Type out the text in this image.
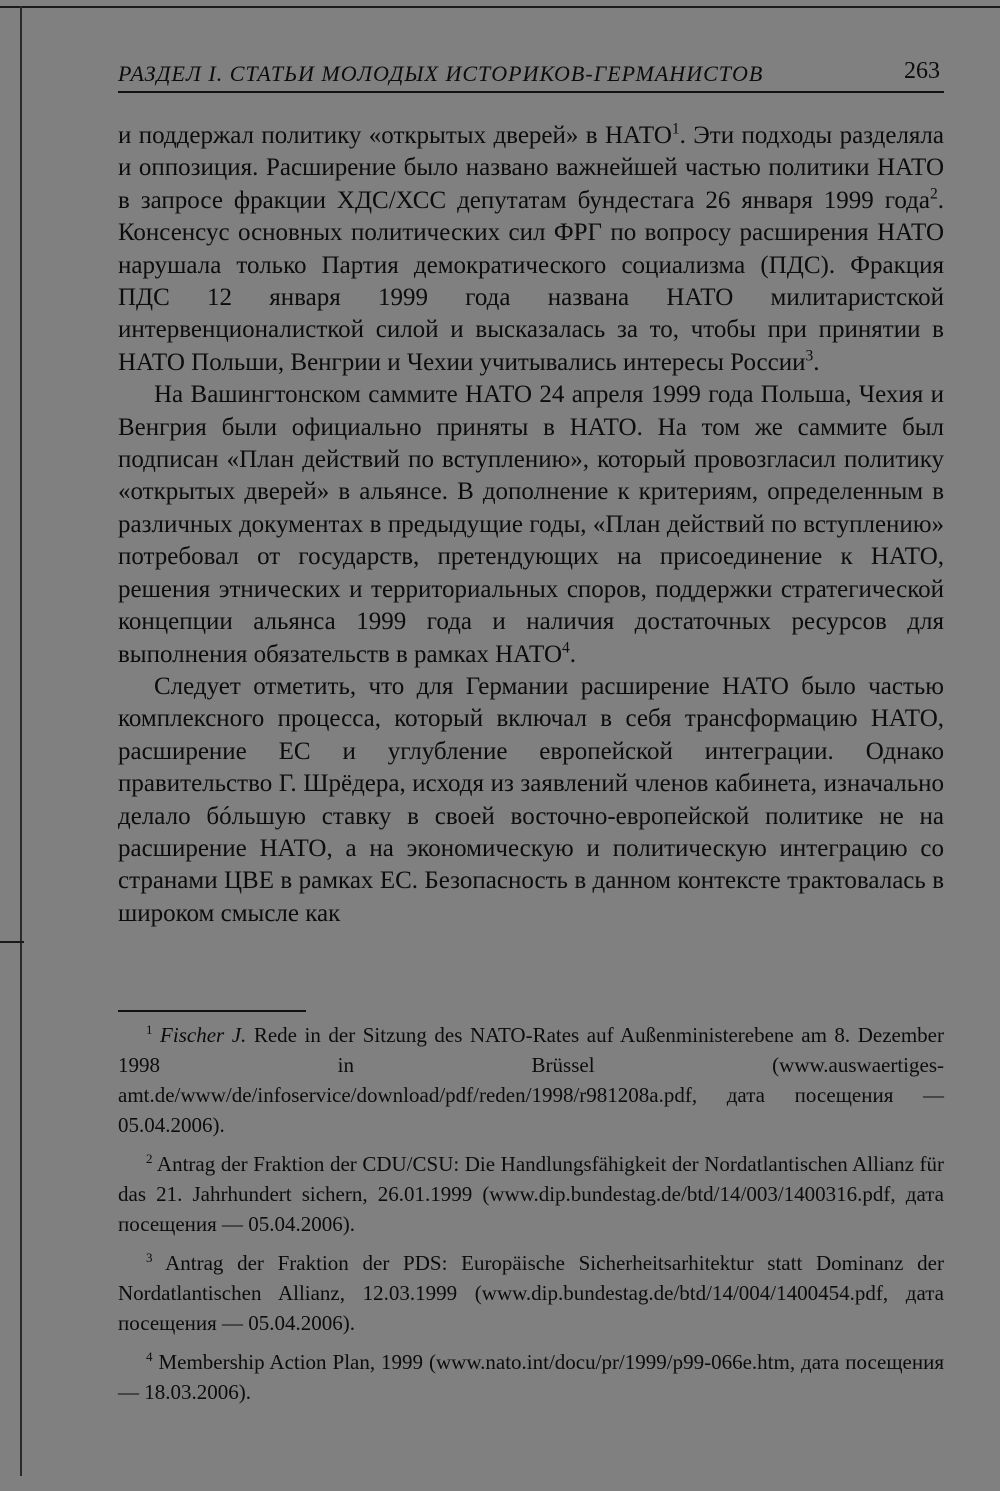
РАЗДЕЛ I. СТАТЬИ МОЛОДЫХ ИСТОРИКОВ-ГЕРМАНИСТОВ	263

и поддержал политику «открытых дверей» в НАТО$^1$. Эти подходы разделяла и оппозиция. Расширение было названо важнейшей частью политики НАТО в запросе фракции ХДС/ХСС депутатам бундестага 26 января 1999 года$^2$. Консенсус основных политических сил ФРГ по вопросу расширения НАТО нарушала только Партия демократического социализма (ПДС). Фракция ПДС 12 января 1999 года названа НАТО милитаристской интервенционалисткой силой и высказалась за то, чтобы при принятии в НАТО Польши, Венгрии и Чехии учитывались интересы России$^3$.

На Вашингтонском саммите НАТО 24 апреля 1999 года Польша, Чехия и Венгрия были официально приняты в НАТО. На том же саммите был подписан «План действий по вступлению», который провозгласил политику «открытых дверей» в альянсе. В дополнение к критериям, определенным в различных документах в предыдущие годы, «План действий по вступлению» потребовал от государств, претендующих на присоединение к НАТО, решения этнических и территориальных споров, поддержки стратегической концепции альянса 1999 года и наличия достаточных ресурсов для выполнения обязательств в рамках НАТО$^4$.

Следует отметить, что для Германии расширение НАТО было частью комплексного процесса, который включал в себя трансформацию НАТО, расширение ЕС и углубление европейской интеграции. Однако правительство Г. Шрёдера, исходя из заявлений членов кабинета, изначально делало бóльшую ставку в своей восточно-европейской политике не на расширение НАТО, а на экономическую и политическую интеграцию со странами ЦВЕ в рамках ЕС. Безопасность в данном контексте трактовалась в широком смысле как

$^1$ Fischer J. Rede in der Sitzung des NATO-Rates auf Außenministerebene am 8. Dezember 1998 in Brüssel (www.auswaertiges-amt.de/www/de/infoservice/download/pdf/reden/1998/r981208a.pdf, дата посещения — 05.04.2006).

$^2$ Antrag der Fraktion der CDU/CSU: Die Handlungsfähigkeit der Nordatlantischen Allianz für das 21. Jahrhundert sichern, 26.01.1999 (www.dip.bundestag.de/btd/14/003/1400316.pdf, дата посещения — 05.04.2006).

$^3$ Antrag der Fraktion der PDS: Europäische Sicherheitsarhitektur statt Dominanz der Nordatlantischen Allianz, 12.03.1999 (www.dip.bundestag.de/btd/14/004/1400454.pdf, дата посещения — 05.04.2006).

$^4$ Membership Action Plan, 1999 (www.nato.int/docu/pr/1999/p99-066e.htm, дата посещения — 18.03.2006).
